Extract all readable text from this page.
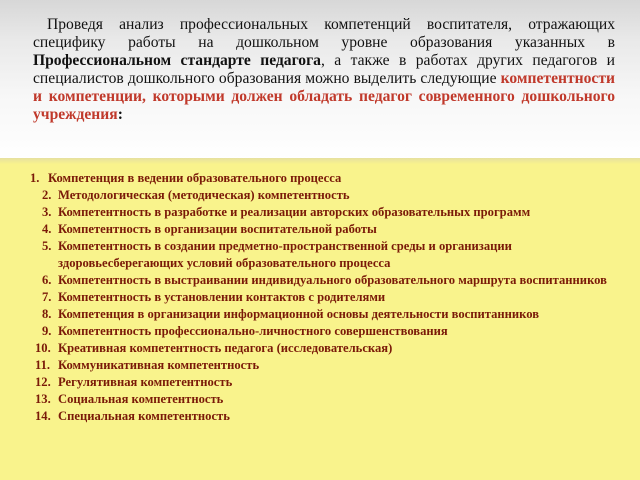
Проведя анализ профессиональных компетенций воспитателя, отражающих специфику работы на дошкольном уровне образования указанных в Профессиональном стандарте педагога, а также в работах других педагогов и специалистов дошкольного образования можно выделить следующие компетентности и компетенции, которыми должен обладать педагог современного дошкольного учреждения:
1. Компетенция в ведении образовательного процесса
2. Методологическая (методическая) компетентность
3. Компетентность в разработке и реализации авторских образовательных программ
4. Компетентность в организации воспитательной работы
5. Компетентность в создании предметно-пространственной среды и организации здоровьесберегающих условий образовательного процесса
6. Компетентность в выстраивании индивидуального образовательного маршрута воспитанников
7. Компетентность в установлении контактов с родителями
8. Компетенция в организации информационной основы деятельности воспитанников
9. Компетентность профессионально-личностного совершенствования
10. Креативная компетентность педагога (исследовательская)
11. Коммуникативная компетентность
12. Регулятивная компетентность
13. Социальная компетентность
14. Специальная компетентность
